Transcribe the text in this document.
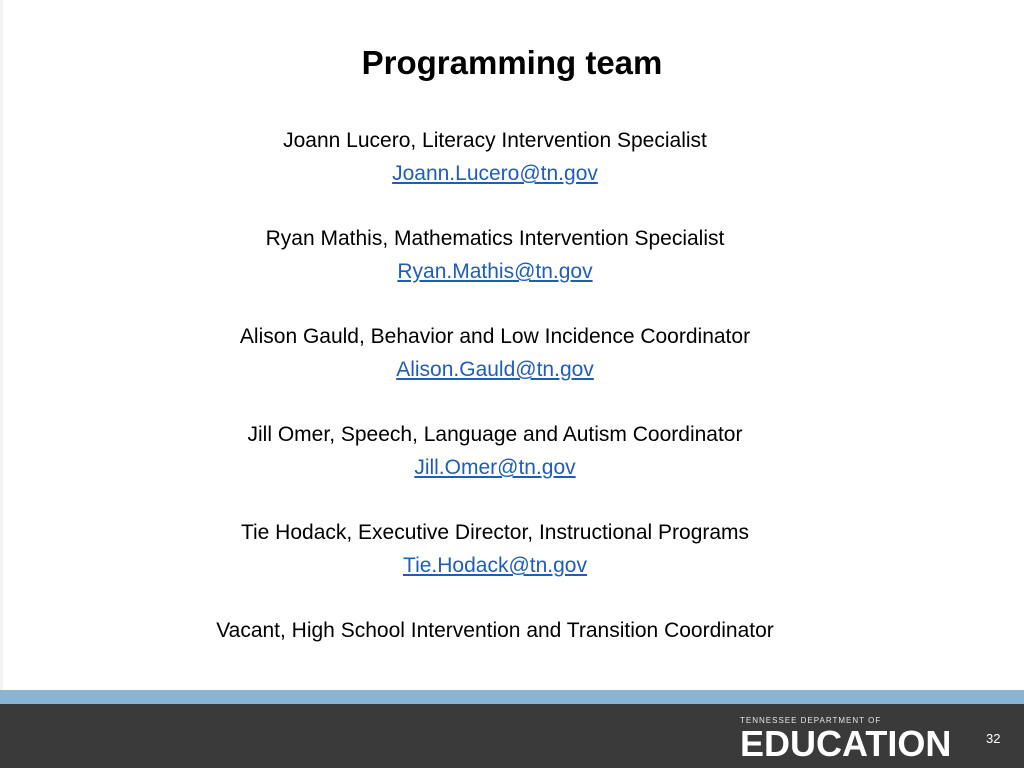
Programming team
Joann Lucero, Literacy Intervention Specialist
Joann.Lucero@tn.gov
Ryan Mathis, Mathematics Intervention Specialist
Ryan.Mathis@tn.gov
Alison Gauld, Behavior and Low Incidence Coordinator
Alison.Gauld@tn.gov
Jill Omer, Speech, Language and Autism Coordinator
Jill.Omer@tn.gov
Tie Hodack, Executive Director, Instructional Programs
Tie.Hodack@tn.gov
Vacant, High School Intervention and Transition Coordinator
TENNESSEE DEPARTMENT OF
EDUCATION	32
